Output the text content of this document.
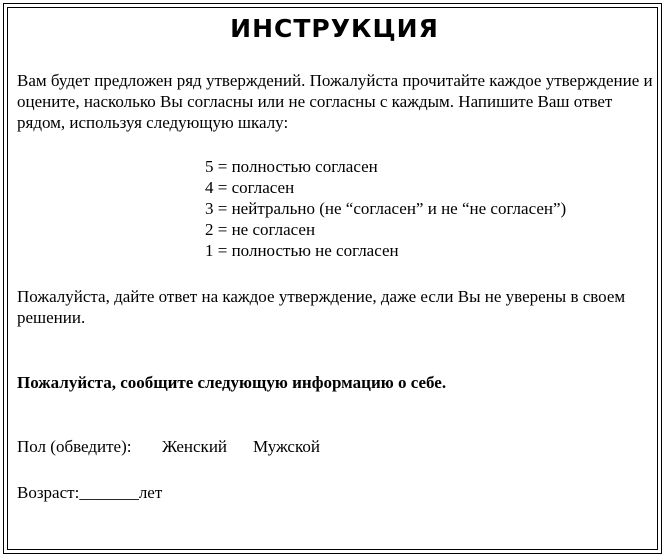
ИНСТРУКЦИЯ
Вам будет предложен ряд утверждений. Пожалуйста прочитайте каждое утверждение и оцените, насколько Вы согласны или не согласны с каждым. Напишите Ваш ответ рядом, используя следующую шкалу:
5 = полностью согласен
4 = согласен
3 = нейтрально (не “согласен” и не “не согласен”)
2 = не согласен
1 = полностью не согласен
Пожалуйста, дайте ответ на каждое утверждение, даже если Вы не уверены в своем решении.
Пожалуйста, сообщите следующую информацию о себе.
Пол (обведите): Женский Мужской
Возраст:_______лет
